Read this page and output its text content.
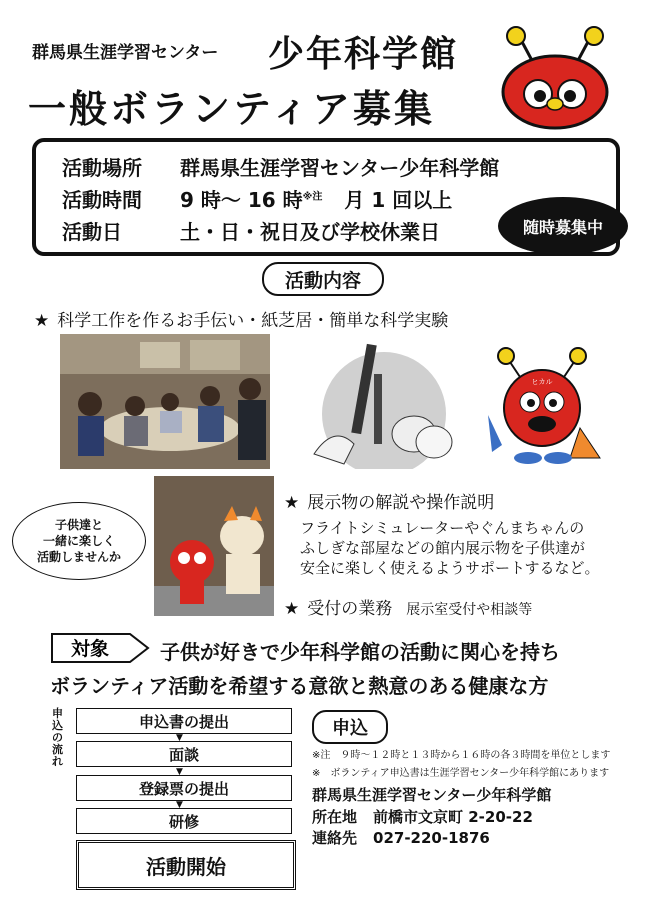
群馬県生涯学習センター 少年科学館
一般ボランティア募集
活動場所 群馬県生涯学習センター少年科学館
活動時間 9 時～ 16 時$^{※注}$ 月 1 回以上
活動日	土・日・祝日及び学校休業日	随時募集中
活動内容
★ 科学工作を作るお手伝い・紙芝居・簡単な科学実験
ヒカル
子供達と
一緒に楽しく
活動しませんか
★ 展示物の解説や操作説明
フライトシミュレーターやぐんまちゃんの
ふしぎな部屋などの館内展示物を子供達が
安全に楽しく使えるようサポートするなど。
★ 受付の業務 展示室受付や相談等
対象	子供が好きで少年科学館の活動に関心を持ち
ボランティア活動を希望する意欲と熱意のある健康な方
申込の流れ
申込書の提出
▼
面談
▼
登録票の提出
▼
研修
活動開始
申込
※注　９時～１２時と１３時から１６時の各３時間を単位とします
※　ボランティア申込書は生涯学習センター少年科学館にあります
群馬県生涯学習センター少年科学館
所在地 前橋市文京町 2-20-22
連絡先 027-220-1876
